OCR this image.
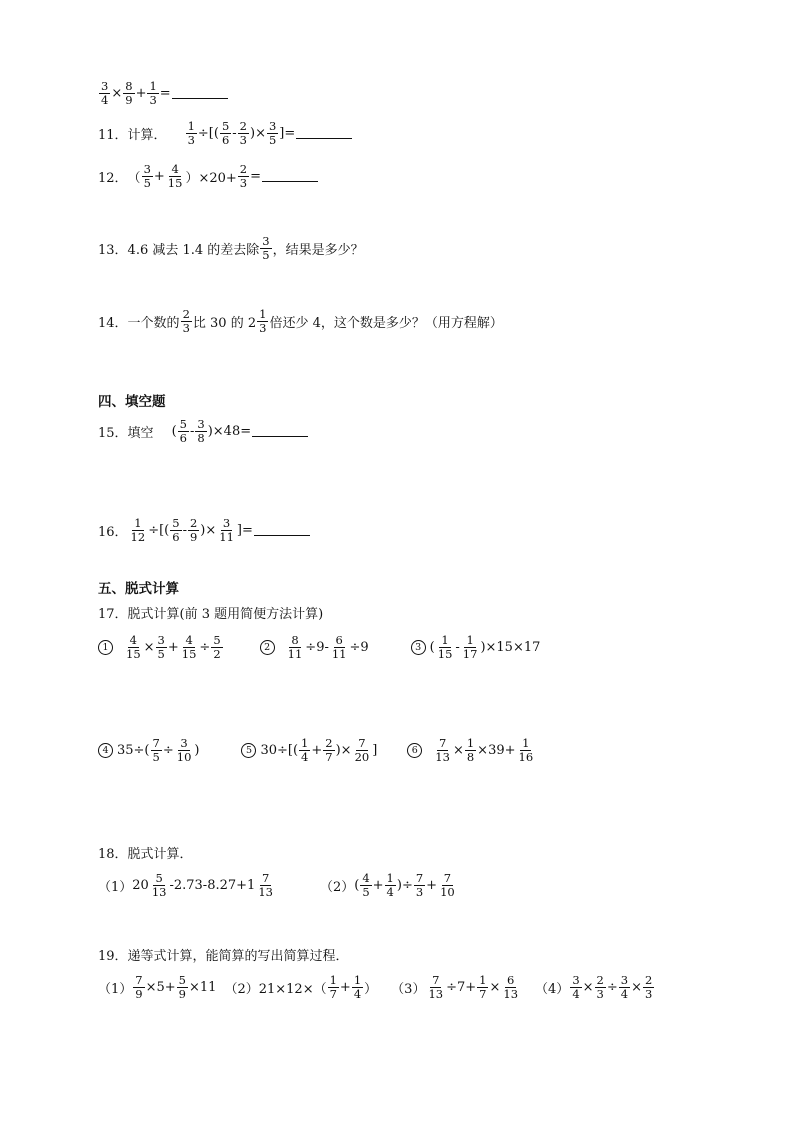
$\frac{3}{4} \times \frac{8}{9} + \frac{1}{3}$ =
11． 计算． $\frac{1}{3}$ ÷[( $\frac{5}{6} - \frac{2}{3}$ )× $\frac{3}{5}$ ]=
12． （ $\frac{3}{5} + \frac{4}{15} )\times 20+ \frac{2}{3}$ =
13． 4.6 减去 1.4 的差去除 $\frac{3}{5}$ ，结果是多少？
14． 一个数的 $\frac{2}{3}$ 比 30 的 $2 \frac{1}{3}$ 倍还少 4，这个数是多少？（用方程解）
四、填空题
15． 填空 ( $\frac{5}{6} - \frac{3}{8} )\times 48=$
16． $\frac{1}{12}$ ÷[( $\frac{5}{6} - \frac{2}{9}$ )× $\frac{3}{11}$ ]=
五、脱式计算
17． 脱式计算(前 3 题用简便方法计算)
1	$\frac{4}{15} \times \frac{3}{5} + \frac{4}{15} \div \frac{5}{2}$	2	$\frac{8}{11} \div 9- \frac{6}{11} \div 9$	3 ( $\frac{1}{15} - \frac{1}{17} )\times 15\times 17$
4 $35\div( \frac{7}{5} \div \frac{3}{10}$ )	5 $30\div[( \frac{1}{4} + \frac{2}{7}$ )× $\frac{7}{20}$ ]	6	$\frac{7}{13} \times \frac{1}{8} \times 39+ \frac{1}{16}$
18． 脱式计算．
（1） $20 \frac{5}{13} -2.73-8.27+1 \frac{7}{13}$	（2） ( $\frac{4}{5} + \frac{1}{4}$ )÷ $\frac{7}{3} + \frac{7}{10}$
19． 递等式计算，能简算的写出简算过程．
$(1) \frac{7}{9} \times 5+ \frac{5}{9} \times 11$ （2） $21\times 12\times( \frac{1}{7} + \frac{1}{4}$ ） $(3) \frac{7}{13} \div 7+ \frac{1}{7} \times \frac{6}{13} (4) \frac{3}{4} \times \frac{2}{3} \div \frac{3}{4} \times \frac{2}{3}$
